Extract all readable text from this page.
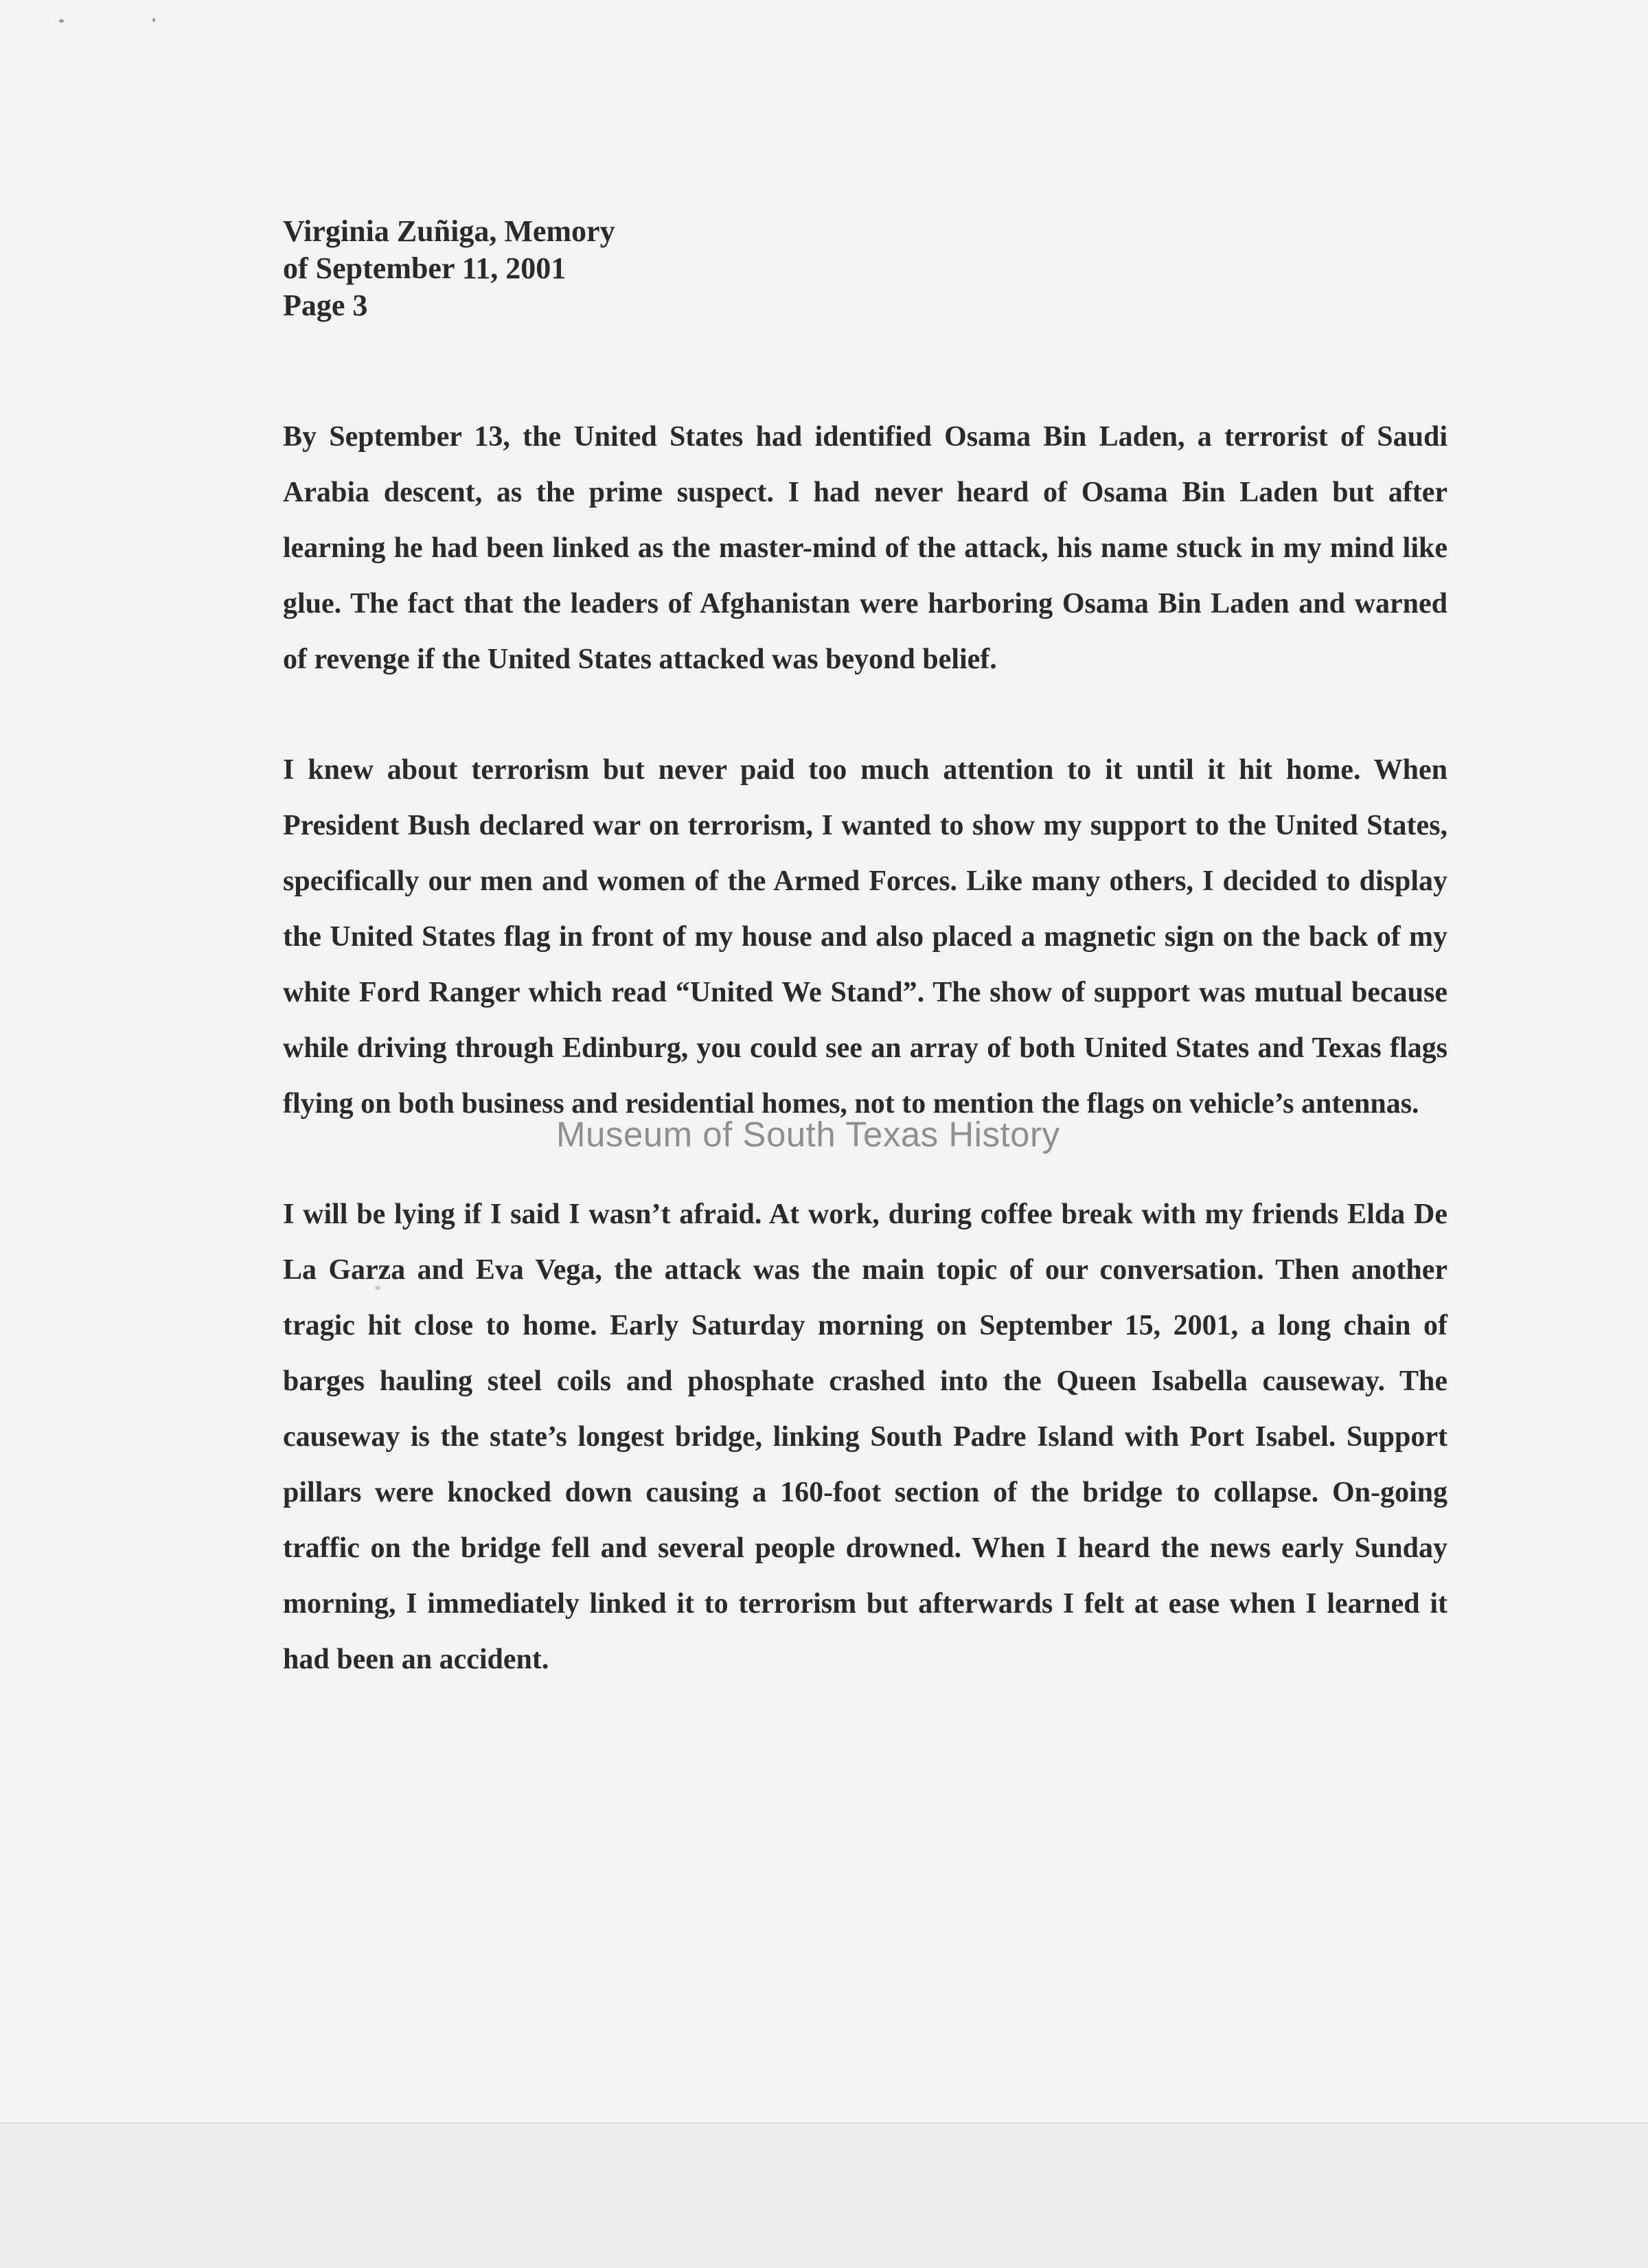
Virginia Zuñiga, Memory

of September 11, 2001

Page 3

By September 13, the United States had identified Osama Bin Laden, a terrorist of Saudi Arabia descent, as the prime suspect. I had never heard of Osama Bin Laden but after learning he had been linked as the master-mind of the attack, his name stuck in my mind like glue. The fact that the leaders of Afghanistan were harboring Osama Bin Laden and warned of revenge if the United States attacked was beyond belief.

I knew about terrorism but never paid too much attention to it until it hit home. When President Bush declared war on terrorism, I wanted to show my support to the United States, specifically our men and women of the Armed Forces. Like many others, I decided to display the United States flag in front of my house and also placed a magnetic sign on the back of my white Ford Ranger which read “United We Stand”. The show of support was mutual because while driving through Edinburg, you could see an array of both United States and Texas flags flying on both business and residential homes, not to mention the flags on vehicle’s antennas.

I will be lying if I said I wasn’t afraid. At work, during coffee break with my friends Elda De La Garza and Eva Vega, the attack was the main topic of our conversation. Then another tragic hit close to home. Early Saturday morning on September 15, 2001, a long chain of barges hauling steel coils and phosphate crashed into the Queen Isabella causeway. The causeway is the state’s longest bridge, linking South Padre Island with Port Isabel. Support pillars were knocked down causing a 160-foot section of the bridge to collapse. On-going traffic on the bridge fell and several people drowned. When I heard the news early Sunday morning, I immediately linked it to terrorism but afterwards I felt at ease when I learned it had been an accident.

Museum of South Texas History
